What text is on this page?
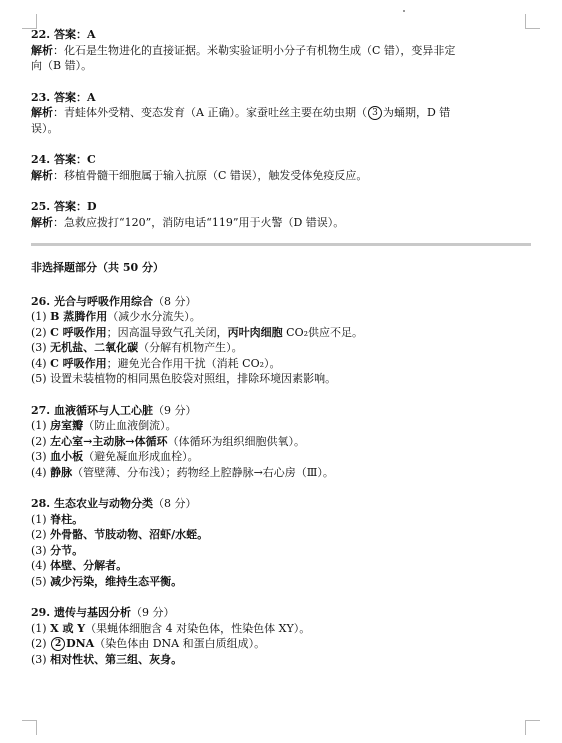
22. 答案：A

解析：化石是生物进化的直接证据。米勒实验证明小分子有机物生成（C 错），变异非定

向（B 错）。

23. 答案：A

解析：青蛙体外受精、变态发育（A 正确）。家蚕吐丝主要在幼虫期（ 3 为蛹期，D 错

误）。

24. 答案：C

解析：移植骨髓干细胞属于输入抗原（C 错误），触发受体免疫反应。

25. 答案：D

解析：急救应拨打“120”，消防电话“119”用于火警（D 错误）。

非选择题部分（共 50 分）

26. 光合与呼吸作用综合（8 分）

(1) B 蒸腾作用（减少水分流失）。

(2) C 呼吸作用；因高温导致气孔关闭，丙叶肉细胞 CO₂供应不足。

(3) 无机盐、二氧化碳（分解有机物产生）。

(4) C 呼吸作用；避免光合作用干扰（消耗 CO₂）。

(5) 设置未装植物的相同黑色胶袋对照组，排除环境因素影响。

27. 血液循环与人工心脏（9 分）

(1) 房室瓣（防止血液倒流）。

(2) 左心室→主动脉→体循环（体循环为组织细胞供氧）。

(3) 血小板（避免凝血形成血栓）。

(4) 静脉（管壁薄、分布浅）；药物经上腔静脉→右心房（Ⅲ）。

28. 生态农业与动物分类（8 分）

(1) 脊柱。

(2) 外骨骼、节肢动物、沼虾/水蛭。

(3) 分节。

(4) 体壁、分解者。

(5) 减少污染，维持生态平衡。

29. 遗传与基因分析（9 分）

(1) X 或 Y（果蝇体细胞含 4 对染色体，性染色体 XY）。

(2) 2 DNA（染色体由 DNA 和蛋白质组成）。

(3) 相对性状、第三组、灰身。
